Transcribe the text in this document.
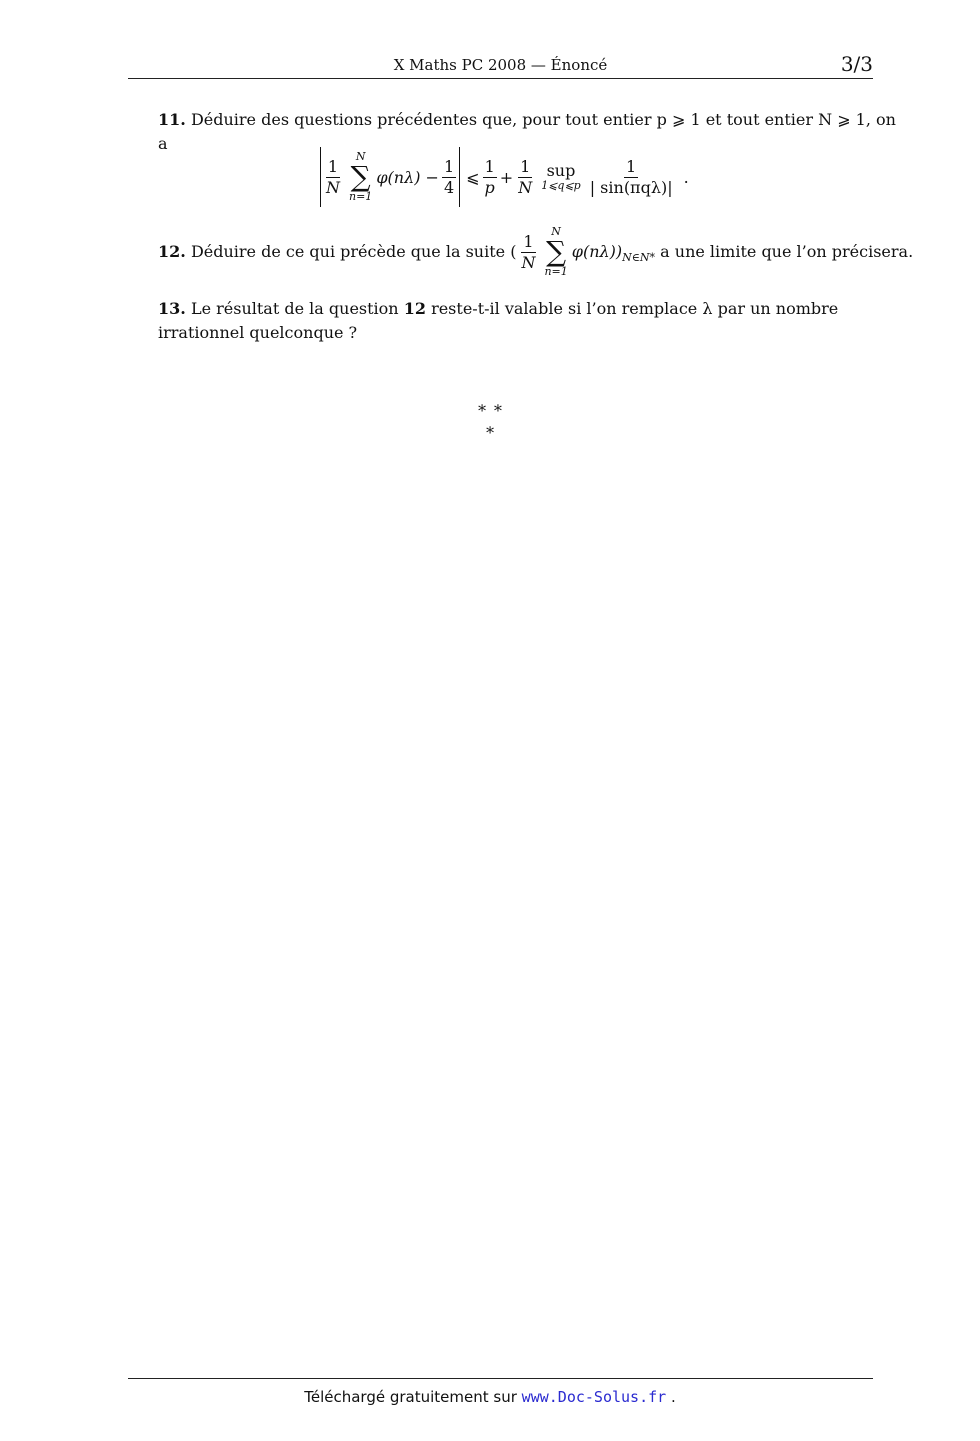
X Maths PC 2008 — Énoncé	3/3
11. Déduire des questions précédentes que, pour tout entier p ⩾ 1 et tout entier N ⩾ 1, on a
$\frac{1}{N}$ N
∑
n=1
$\varphi(n\lambda) - \frac{1}{4}$ ⩽ $\frac{1}{p} + \frac{1}{N}$ sup
1⩽q⩽p $\frac{1}{\text{| sin(πqλ)|}}$ .
12.
Déduire de ce qui précède que la suite ( $\frac{1}{N}$ N
∑
n=1
φ(nλ)) N∈N*
a une limite que l’on précisera.
13. Le résultat de la question 12 reste-t-il valable si l’on remplace λ par un nombre irrationnel quelconque ?
∗ ∗
∗
Téléchargé gratuitement sur www.Doc-Solus.fr .
